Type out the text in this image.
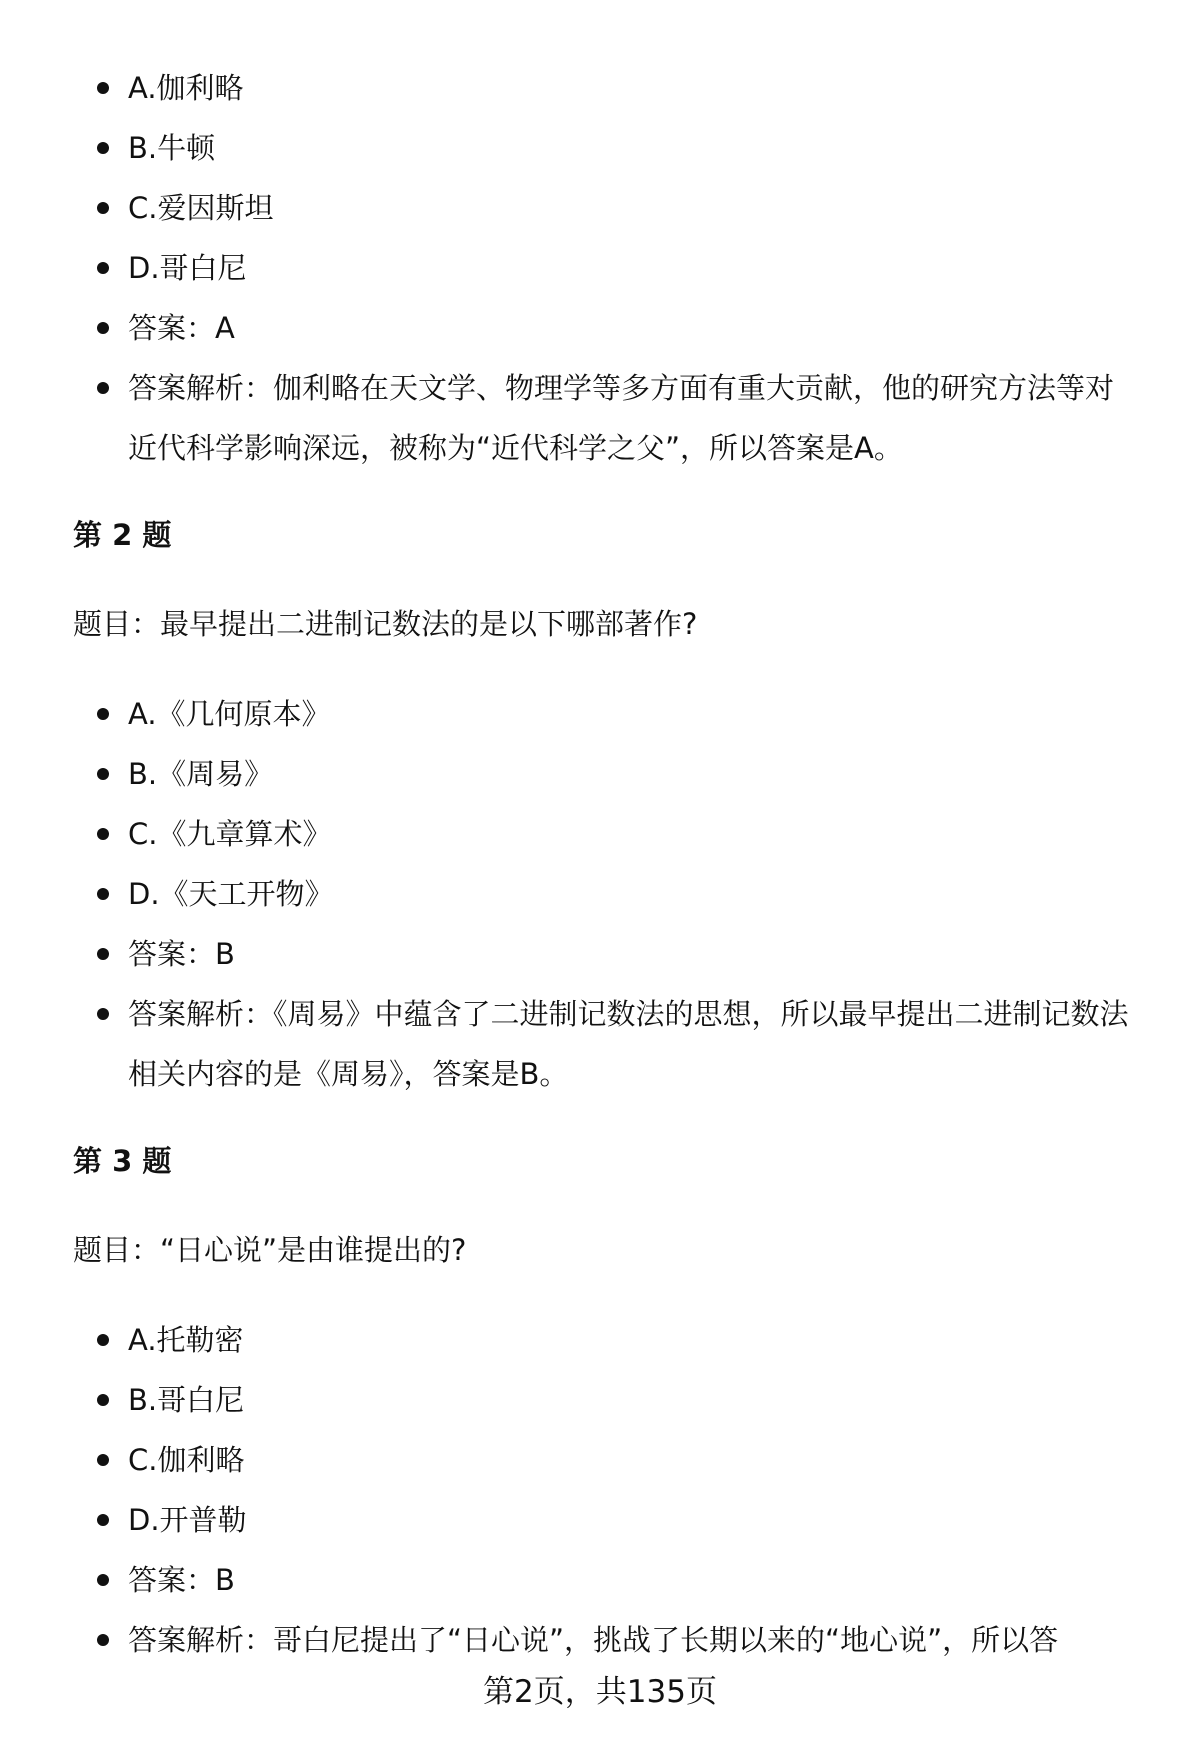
A.伽利略
B.牛顿
C.爱因斯坦
D.哥白尼
答案：A
答案解析：伽利略在天文学、物理学等多方面有重大贡献，他的研究方法等对近代科学影响深远，被称为“近代科学之父”，所以答案是A。
第 2 题
题目：最早提出二进制记数法的是以下哪部著作?
A.《几何原本》
B.《周易》
C.《九章算术》
D.《天工开物》
答案：B
答案解析：《周易》中蕴含了二进制记数法的思想，所以最早提出二进制记数法相关内容的是《周易》，答案是B。
第 3 题
题目：“日心说”是由谁提出的?
A.托勒密
B.哥白尼
C.伽利略
D.开普勒
答案：B
答案解析：哥白尼提出了“日心说”，挑战了长期以来的“地心说”，所以答
第2页，共135页
